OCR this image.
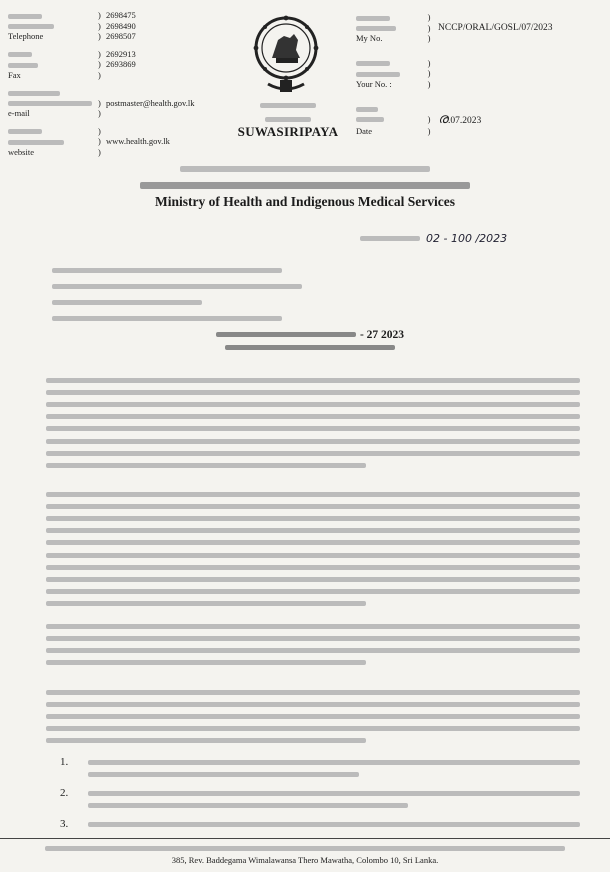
) 2698475
) 2698490
Telephone	) 2698507
) 2692913
) 2693869
Fax	)
) postmaster@health.gov.lk
e-mail	)
)
) www.health.gov.lk
website	)

SUWASIRIPAYA
)
) NCCP/ORAL/GOSL/07/2023
My No.	)
)
)
Your No. :	)
) ര.07.2023
Date	)
Ministry of Health and Indigenous Medical Services
02 - 100 /2023
- 27 2023
1.
2.
3.
385, Rev. Baddegama Wimalawansa Thero Mawatha, Colombo 10, Sri Lanka.
